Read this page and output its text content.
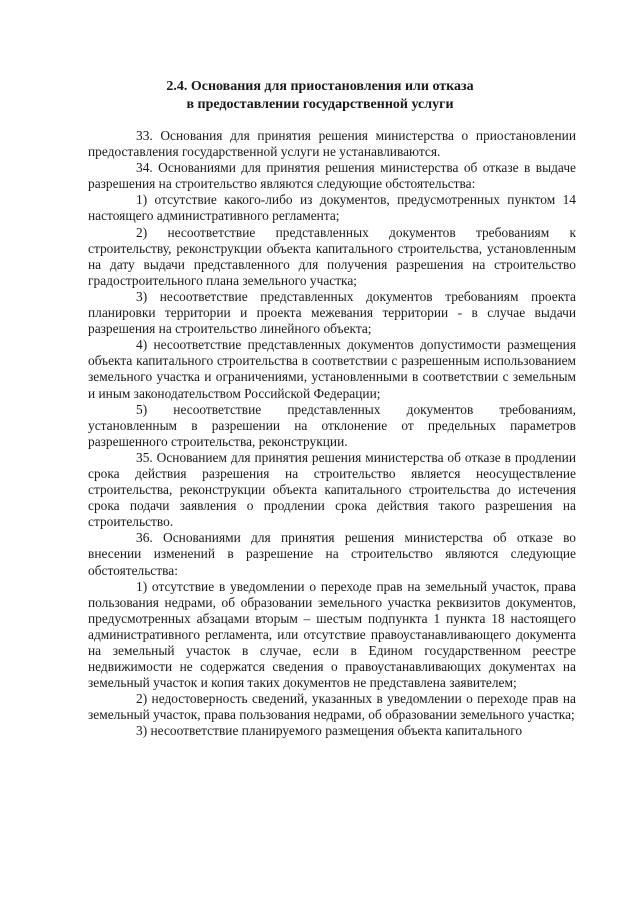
2.4. Основания для приостановления или отказа
в предоставлении государственной услуги

33. Основания для принятия решения министерства о приостановлении предоставления государственной услуги не устанавливаются.

34. Основаниями для принятия решения министерства об отказе в выдаче разрешения на строительство являются следующие обстоятельства:

1) отсутствие какого-либо из документов, предусмотренных пунктом 14 настоящего административного регламента;

2) несоответствие представленных документов требованиям к строительству, реконструкции объекта капитального строительства, установленным на дату выдачи представленного для получения разрешения на строительство градостроительного плана земельного участка;

3) несоответствие представленных документов требованиям проекта планировки территории и проекта межевания территории - в случае выдачи разрешения на строительство линейного объекта;

4) несоответствие представленных документов допустимости размещения объекта капитального строительства в соответствии с разрешенным использованием земельного участка и ограничениями, установленными в соответствии с земельным и иным законодательством Российской Федерации;

5) несоответствие представленных документов требованиям, установленным в разрешении на отклонение от предельных параметров разрешенного строительства, реконструкции.

35. Основанием для принятия решения министерства об отказе в продлении срока действия разрешения на строительство является неосуществление строительства, реконструкции объекта капитального строительства до истечения срока подачи заявления о продлении срока действия такого разрешения на строительство.

36. Основаниями для принятия решения министерства об отказе во внесении изменений в разрешение на строительство являются следующие обстоятельства:

1) отсутствие в уведомлении о переходе прав на земельный участок, права пользования недрами, об образовании земельного участка реквизитов документов, предусмотренных абзацами вторым – шестым подпункта 1 пункта 18 настоящего административного регламента, или отсутствие правоустанавливающего документа на земельный участок в случае, если в Едином государственном реестре недвижимости не содержатся сведения о правоустанавливающих документах на земельный участок и копия таких документов не представлена заявителем;

2) недостоверность сведений, указанных в уведомлении о переходе прав на земельный участок, права пользования недрами, об образовании земельного участка;

3) несоответствие планируемого размещения объекта капитального
